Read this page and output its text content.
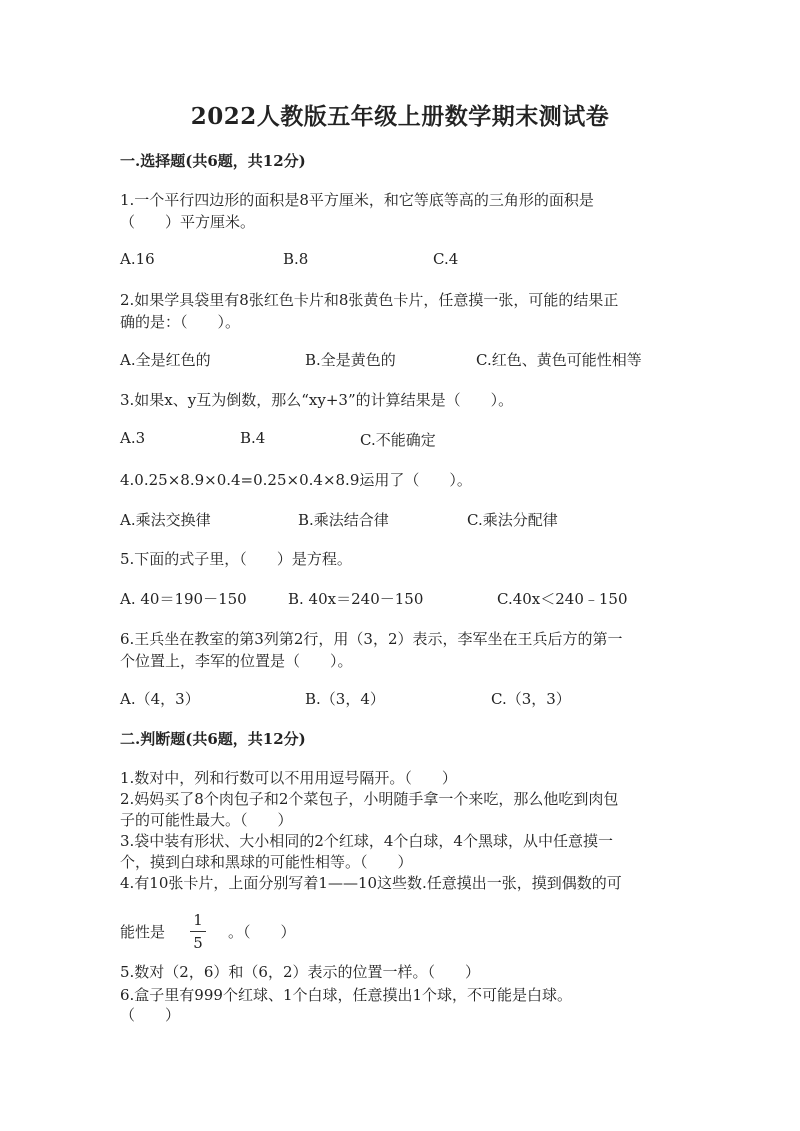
2022人教版五年级上册数学期末测试卷
一.选择题(共6题，共12分)
1.一个平行四边形的面积是8平方厘米，和它等底等高的三角形的面积是
（　　）平方厘米。
A.16	B.8	C.4
2.如果学具袋里有8张红色卡片和8张黄色卡片，任意摸一张，可能的结果正
确的是：（　　）。
A.全是红色的	B.全是黄色的	C.红色、黄色可能性相等
3.如果x、y互为倒数，那么“xy+3”的计算结果是（　　）。
A.3	B.4	C.不能确定
4.0.25×8.9×0.4=0.25×0.4×8.9运用了（　　）。
A.乘法交换律	B.乘法结合律	C.乘法分配律
5.下面的式子里，（　　）是方程。
A. 40＝190－150	B. 40x＝240－150	C.40x＜240﹣150
6.王兵坐在教室的第3列第2行，用（3，2）表示，李军坐在王兵后方的第一
个位置上，李军的位置是（　　）。
A.（4，3）	B.（3，4）	C.（3，3）
二.判断题(共6题，共12分)
1.数对中，列和行数可以不用用逗号隔开。（　　）
2.妈妈买了8个肉包子和2个菜包子，小明随手拿一个来吃，那么他吃到肉包
子的可能性最大。（　　）
3.袋中装有形状、大小相同的2个红球，4个白球，4个黑球，从中任意摸一
个，摸到白球和黑球的可能性相等。（　　）
4.有10张卡片，上面分别写着1——10这些数.任意摸出一张，摸到偶数的可
能性是
1
5
。（　　）
5.数对（2，6）和（6，2）表示的位置一样。（　　）
6.盒子里有999个红球、1个白球，任意摸出1个球，不可能是白球。
（　　）
